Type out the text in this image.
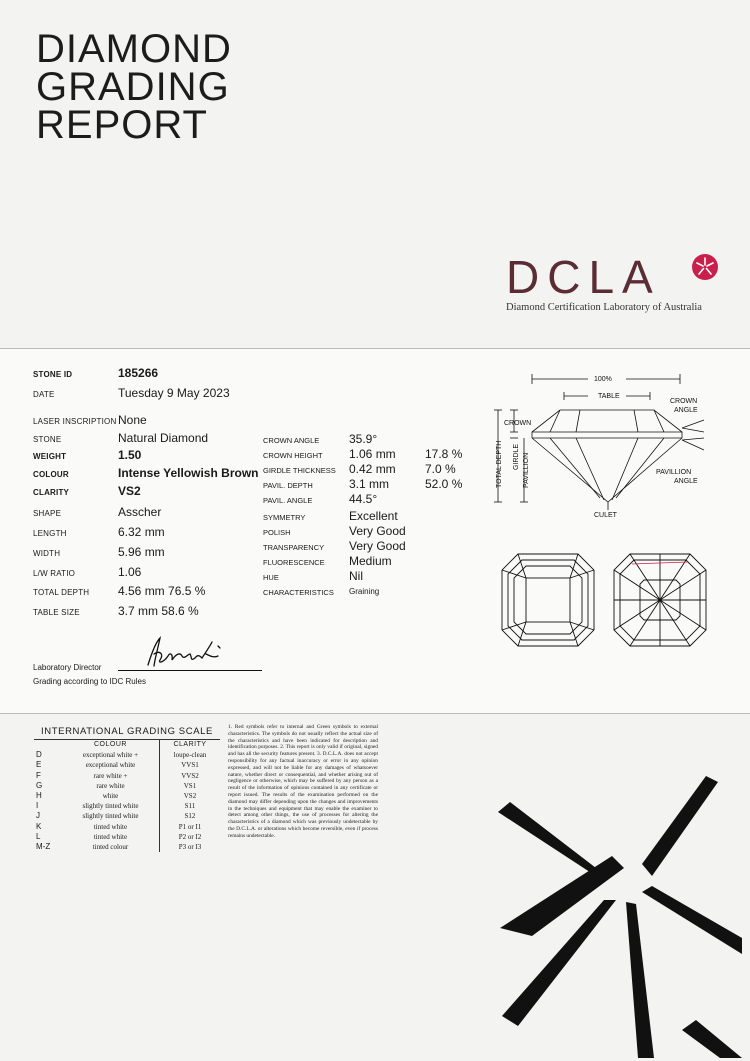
DIAMOND
GRADING
REPORT
DCLA
Diamond Certification Laboratory of Australia
STONE ID	185266
DATE	Tuesday 9 May 2023
LASER INSCRIPTION None
STONE	Natural Diamond
WEIGHT	1.50
COLOUR	Intense Yellowish Brown
CLARITY	VS2
SHAPE	Asscher
LENGTH	6.32 mm
WIDTH	5.96 mm
L/W RATIO	1.06
TOTAL DEPTH 4.56 mm 76.5 %
TABLE SIZE	3.7 mm 58.6 %
CROWN ANGLE 35.9°
CROWN HEIGHT 1.06 mm 17.8 %
GIRDLE THICKNESS 0.42 mm 7.0 %
PAVIL. DEPTH	3.1 mm	52.0 %
PAVIL. ANGLE	44.5°
SYMMETRY	Excellent
POLISH	Very Good
TRANSPARENCY Very Good
FLUORESCENCE Medium
HUE	Nil
CHARACTERISTICS Graining
Laboratory Director
Grading according to IDC Rules
100%
TABLE
CROWN
ANGLE
CROWN
PAVILLION
ANGLE
CULET
TOTAL DEPTH GIRDLE PAVILLION
INTERNATIONAL GRADING SCALE
	COLOUR	CLARITY
D	exceptional white +	loupe-clean
E	exceptional white	VVS1
F	rare white +	VVS2
G	rare white	VS1
H	white	VS2
I	slightly tinted white	S11
J	slightly tinted white	S12
K	tinted white	P1 or I1
L	tinted white	P2 or I2
M-Z	tinted colour	P3 or I3
1. Red symbols refer to internal and Green symbols to external characteristics. The symbols do not usually reflect the actual size of the characteristics and have been indicated for description and identification purposes. 2. This report is only valid if original, signed and has all the security features present. 3. D.C.L.A. does not accept responsibility for any factual inaccuracy or error in any opinion expressed, and will not be liable for any damages of whatsoever nature, whether direct or consequential, and whether arising out of negligence or otherwise, which may be suffered by any person as a result of the information of opinions contained in any certificate or report issued. The results of the examination performed on the diamond may differ depending upon the changes and improvements in the techniques and equipment that may enable the examiner to detect among other things, the use of processes for altering the characteristics of a diamond which was previously undetectable by the D.C.L.A. or alterations which become reversible, even if process remains undetectable.
